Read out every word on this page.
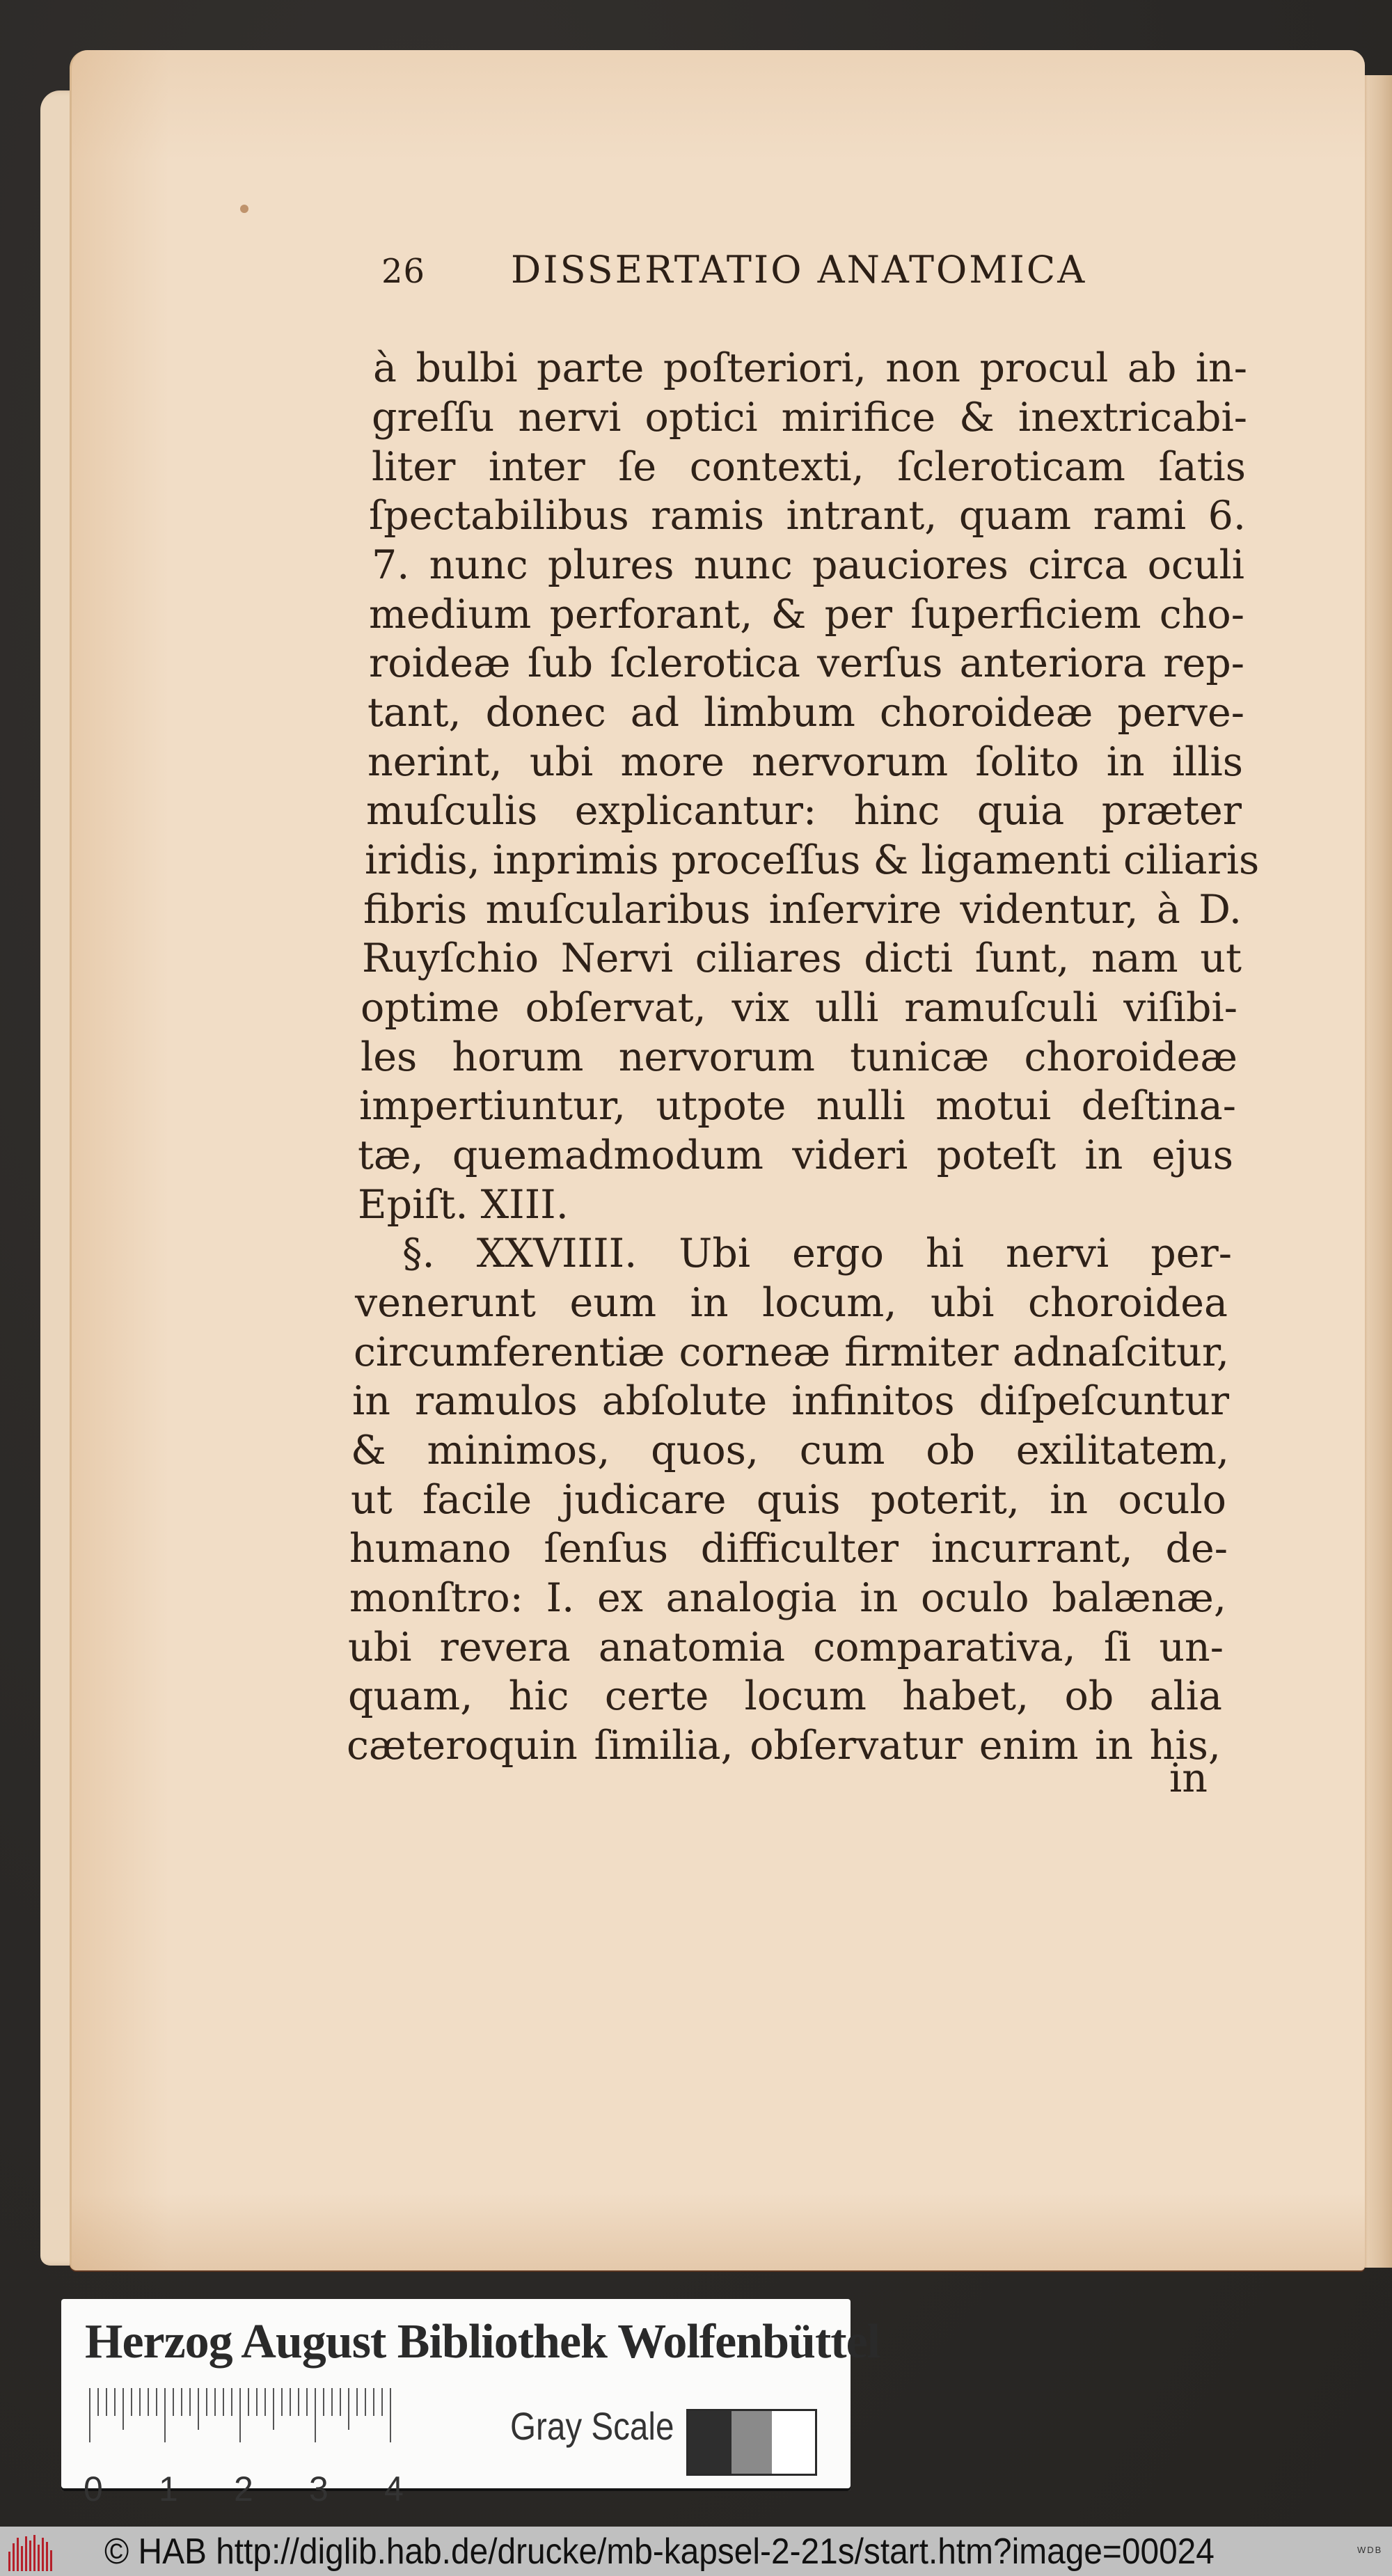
26 DISSERTATIO ANATOMICA
à bulbi parte poſteriori, non procul ab in-
greſſu nervi optici mirifice & inextricabi-
liter inter ſe contexti, ſcleroticam ſatis
ſpectabilibus ramis intrant, quam rami 6.
7. nunc plures nunc pauciores circa oculi
medium perforant, & per ſuperficiem cho-
roideæ ſub ſclerotica verſus anteriora rep-
tant, donec ad limbum choroideæ perve-
nerint, ubi more nervorum ſolito in illis
muſculis explicantur: hinc quia præter
iridis, inprimis proceſſus & ligamenti ciliaris
fibris muſcularibus inſervire videntur, à D.
Ruyſchio Nervi ciliares dicti ſunt, nam ut
optime obſervat, vix ulli ramuſculi viſibi-
les horum nervorum tunicæ choroideæ
impertiuntur, utpote nulli motui deſtina-
tæ, quemadmodum videri poteſt in ejus
Epiſt. XIII.
§. XXVIIII. Ubi ergo hi nervi per-
venerunt eum in locum, ubi choroidea
circumferentiæ corneæ firmiter adnaſcitur,
in ramulos abſolute infinitos diſpeſcuntur
& minimos, quos, cum ob exilitatem,
ut facile judicare quis poterit, in oculo
humano ſenſus difficulter incurrant, de-
monſtro: I. ex analogia in oculo balænæ,
ubi revera anatomia comparativa, ſi un-
quam, hic certe locum habet, ob alia
cæteroquin ſimilia, obſervatur enim in his,
in
Herzog August Bibliothek Wolfenbüttel
0 1 2 3 4
Gray Scale
© HAB http://diglib.hab.de/drucke/mb-kapsel-2-21s/start.htm?image=00024	WDB
